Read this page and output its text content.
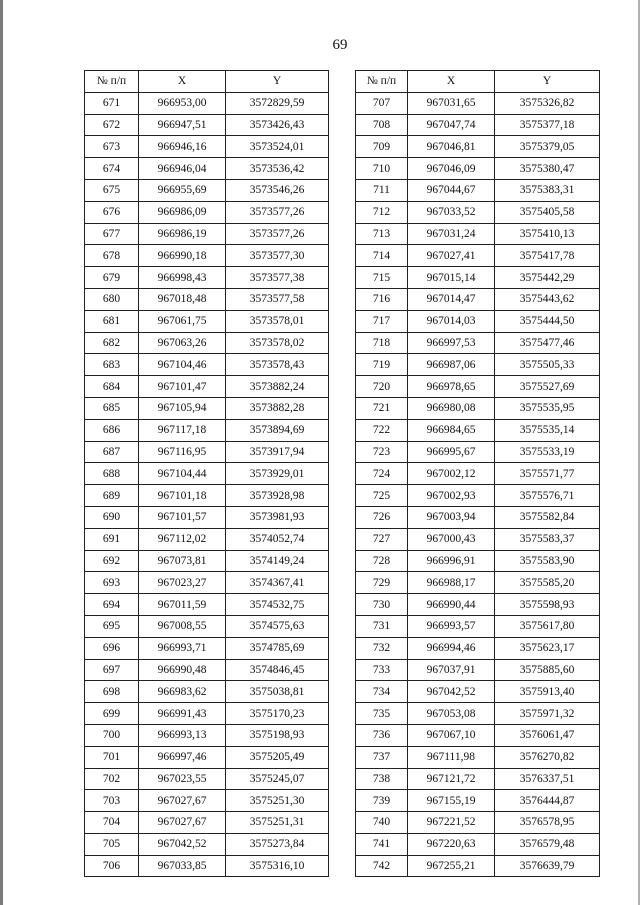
69
№ п/п	X	Y
671	966953,00	3572829,59
672	966947,51	3573426,43
673	966946,16	3573524,01
674	966946,04	3573536,42
675	966955,69	3573546,26
676	966986,09	3573577,26
677	966986,19	3573577,26
678	966990,18	3573577,30
679	966998,43	3573577,38
680	967018,48	3573577,58
681	967061,75	3573578,01
682	967063,26	3573578,02
683	967104,46	3573578,43
684	967101,47	3573882,24
685	967105,94	3573882,28
686	967117,18	3573894,69
687	967116,95	3573917,94
688	967104,44	3573929,01
689	967101,18	3573928,98
690	967101,57	3573981,93
691	967112,02	3574052,74
692	967073,81	3574149,24
693	967023,27	3574367,41
694	967011,59	3574532,75
695	967008,55	3574575,63
696	966993,71	3574785,69
697	966990,48	3574846,45
698	966983,62	3575038,81
699	966991,43	3575170,23
700	966993,13	3575198,93
701	966997,46	3575205,49
702	967023,55	3575245,07
703	967027,67	3575251,30
704	967027,67	3575251,31
705	967042,52	3575273,84
706	967033,85	3575316,10
№ п/п	X	Y
707	967031,65	3575326,82
708	967047,74	3575377,18
709	967046,81	3575379,05
710	967046,09	3575380,47
711	967044,67	3575383,31
712	967033,52	3575405,58
713	967031,24	3575410,13
714	967027,41	3575417,78
715	967015,14	3575442,29
716	967014,47	3575443,62
717	967014,03	3575444,50
718	966997,53	3575477,46
719	966987,06	3575505,33
720	966978,65	3575527,69
721	966980,08	3575535,95
722	966984,65	3575535,14
723	966995,67	3575533,19
724	967002,12	3575571,77
725	967002,93	3575576,71
726	967003,94	3575582,84
727	967000,43	3575583,37
728	966996,91	3575583,90
729	966988,17	3575585,20
730	966990,44	3575598,93
731	966993,57	3575617,80
732	966994,46	3575623,17
733	967037,91	3575885,60
734	967042,52	3575913,40
735	967053,08	3575971,32
736	967067,10	3576061,47
737	967111,98	3576270,82
738	967121,72	3576337,51
739	967155,19	3576444,87
740	967221,52	3576578,95
741	967220,63	3576579,48
742	967255,21	3576639,79
